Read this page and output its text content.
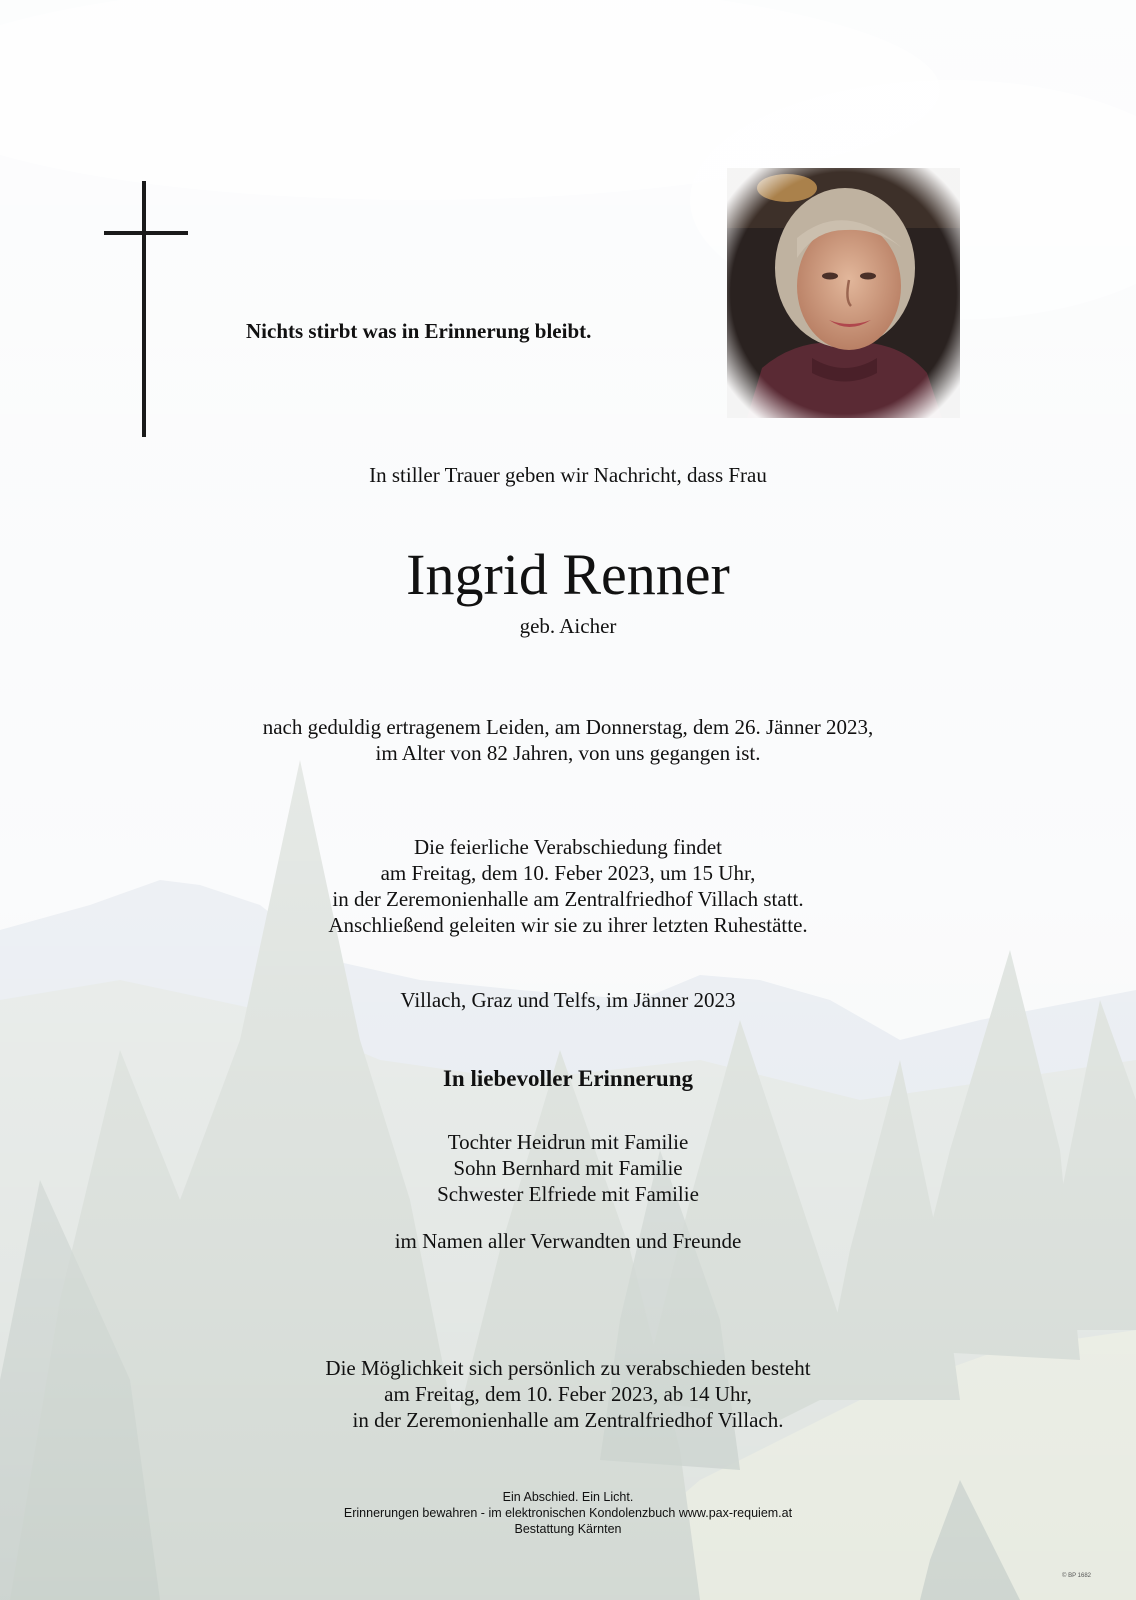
Nichts stirbt was in Erinnerung bleibt.
In stiller Trauer geben wir Nachricht, dass Frau
Ingrid Renner
geb. Aicher
nach geduldig ertragenem Leiden, am Donnerstag, dem 26. Jänner 2023,
im Alter von 82 Jahren, von uns gegangen ist.
Die feierliche Verabschiedung findet
am Freitag, dem 10. Feber 2023, um 15 Uhr,
in der Zeremonienhalle am Zentralfriedhof Villach statt.
Anschließend geleiten wir sie zu ihrer letzten Ruhestätte.
Villach, Graz und Telfs, im Jänner 2023
In liebevoller Erinnerung
Tochter Heidrun mit Familie
Sohn Bernhard mit Familie
Schwester Elfriede mit Familie
im Namen aller Verwandten und Freunde
Die Möglichkeit sich persönlich zu verabschieden besteht
am Freitag, dem 10. Feber 2023, ab 14 Uhr,
in der Zeremonienhalle am Zentralfriedhof Villach.
Ein Abschied. Ein Licht.
Erinnerungen bewahren - im elektronischen Kondolenzbuch www.pax-requiem.at
Bestattung Kärnten
© BP 1682
